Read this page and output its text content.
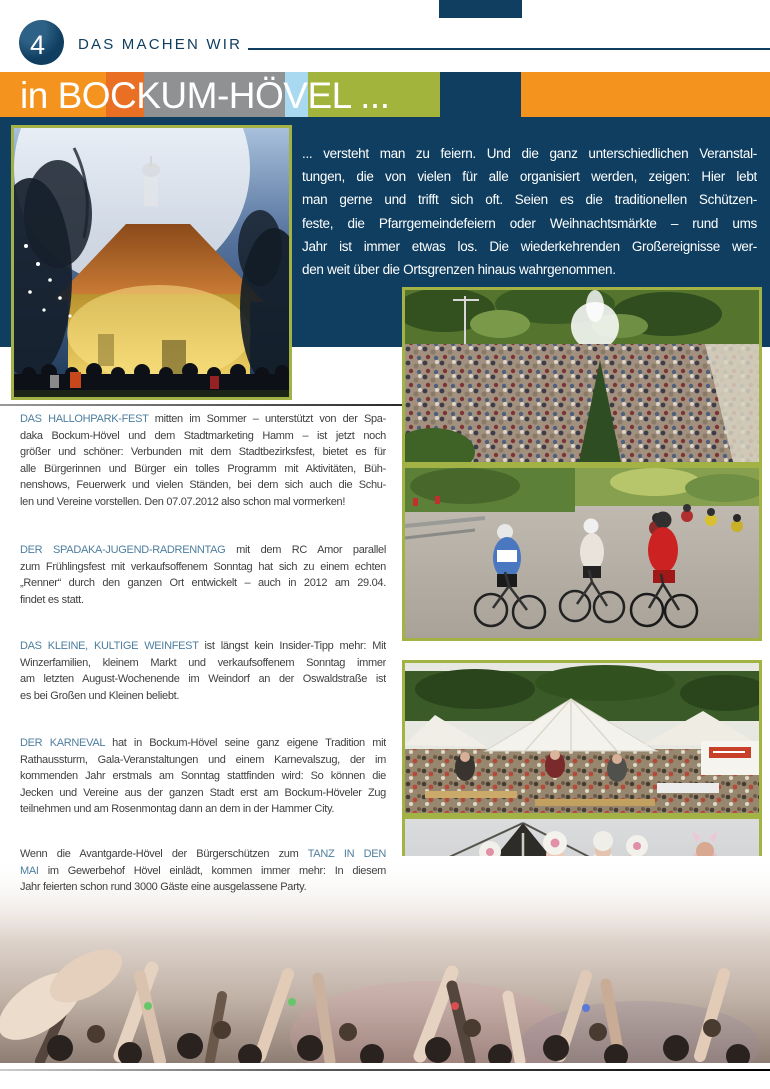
4 DAS MACHEN WIR
in BOCKUM-HÖVEL ...
... versteht man zu feiern. Und die ganz unterschiedlichen Veranstal-
tungen, die von vielen für alle organisiert werden, zeigen: Hier lebt
man gerne und trifft sich oft. Seien es die traditionellen Schützen-
feste, die Pfarrgemeindefeiern oder Weihnachtsmärkte – rund ums
Jahr ist immer etwas los. Die wiederkehrenden Großereignisse wer-
den weit über die Ortsgrenzen hinaus wahrgenommen.
DAS HALLOHPARK-FEST mitten im Sommer – unterstützt von der Spa-
daka Bockum-Hövel und dem Stadtmarketing Hamm – ist jetzt noch
größer und schöner: Verbunden mit dem Stadtbezirksfest, bietet es für
alle Bürgerinnen und Bürger ein tolles Programm mit Aktivitäten, Büh-
nenshows, Feuerwerk und vielen Ständen, bei dem sich auch die Schu-
len und Vereine vorstellen. Den 07.07.2012 also schon mal vormerken!
DER SPADAKA-JUGEND-RADRENNTAG mit dem RC Amor parallel
zum Frühlingsfest mit verkaufsoffenem Sonntag hat sich zu einem echten
„Renner“ durch den ganzen Ort entwickelt – auch in 2012 am 29.04.
findet es statt.
DAS KLEINE, KULTIGE WEINFEST ist längst kein Insider-Tipp mehr: Mit
Winzerfamilien, kleinem Markt und verkaufsoffenem Sonntag immer
am letzten August-Wochenende im Weindorf an der Oswaldstraße ist
es bei Großen und Kleinen beliebt.
DER KARNEVAL hat in Bockum-Hövel seine ganz eigene Tradition mit
Rathaussturm, Gala-Veranstaltungen und einem Karnevalszug, der im
kommenden Jahr erstmals am Sonntag stattfinden wird: So können die
Jecken und Vereine aus der ganzen Stadt erst am Bockum-Höveler Zug
teilnehmen und am Rosenmontag dann an dem in der Hammer City.
Wenn die Avantgarde-Hövel der Bürgerschützen zum TANZ IN DEN
MAI im Gewerbehof Hövel einlädt, kommen immer mehr: In diesem
Jahr feierten schon rund 3000 Gäste eine ausgelassene Party.
